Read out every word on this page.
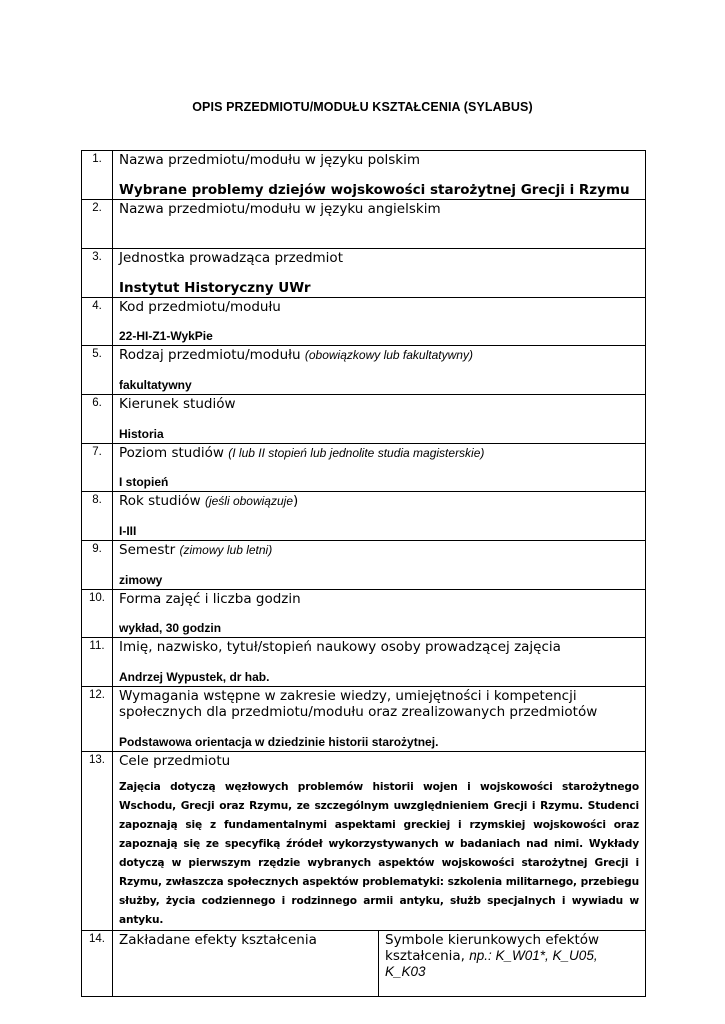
OPIS PRZEDMIOTU/MODUŁU KSZTAŁCENIA (SYLABUS)
1.	Nazwa przedmiotu/modułu w języku polskim
Wybrane problemy dziejów wojskowości starożytnej Grecji i Rzymu	

2.	Nazwa przedmiotu/modułu w języku angielskim	

3.	Jednostka prowadząca przedmiot
Instytut Historyczny UWr	

4.	Kod przedmiotu/modułu
22-HI-Z1-WykPie	

5.	Rodzaj przedmiotu/modułu (obowiązkowy lub fakultatywny)
fakultatywny	

6.	Kierunek studiów
Historia	

7.	Poziom studiów (I lub II stopień lub jednolite studia magisterskie)
I stopień	

8.	Rok studiów (jeśli obowiązuje)
I-III	

9.	Semestr (zimowy lub letni)
zimowy	

10.	Forma zajęć i liczba godzin
wykład, 30 godzin	

11.	Imię, nazwisko, tytuł/stopień naukowy osoby prowadzącej zajęcia
Andrzej Wypustek, dr hab.	

12.	Wymagania wstępne w zakresie wiedzy, umiejętności i kompetencji społecznych dla przedmiotu/modułu oraz zrealizowanych przedmiotów
Podstawowa orientacja w dziedzinie historii starożytnej.	

13.	Cele przedmiotu
Zajęcia dotyczą węzłowych problemów historii wojen i wojskowości starożytnego Wschodu, Grecji oraz Rzymu, ze szczególnym uwzględnieniem Grecji i Rzymu. Studenci zapoznają się z fundamentalnymi aspektami greckiej i rzymskiej wojskowości oraz zapoznają się ze specyfiką źródeł wykorzystywanych w badaniach nad nimi. Wykłady dotyczą w pierwszym rzędzie wybranych aspektów wojskowości starożytnej Grecji i Rzymu, zwłaszcza społecznych aspektów problematyki: szkolenia militarnego, przebiegu służby, życia codziennego i rodzinnego armii antyku, służb specjalnych i wywiadu w antyku.	

14.	Zakładane efekty kształcenia	Symbole kierunkowych efektów kształcenia, np.: K_W01*, K_U05, K_K03
